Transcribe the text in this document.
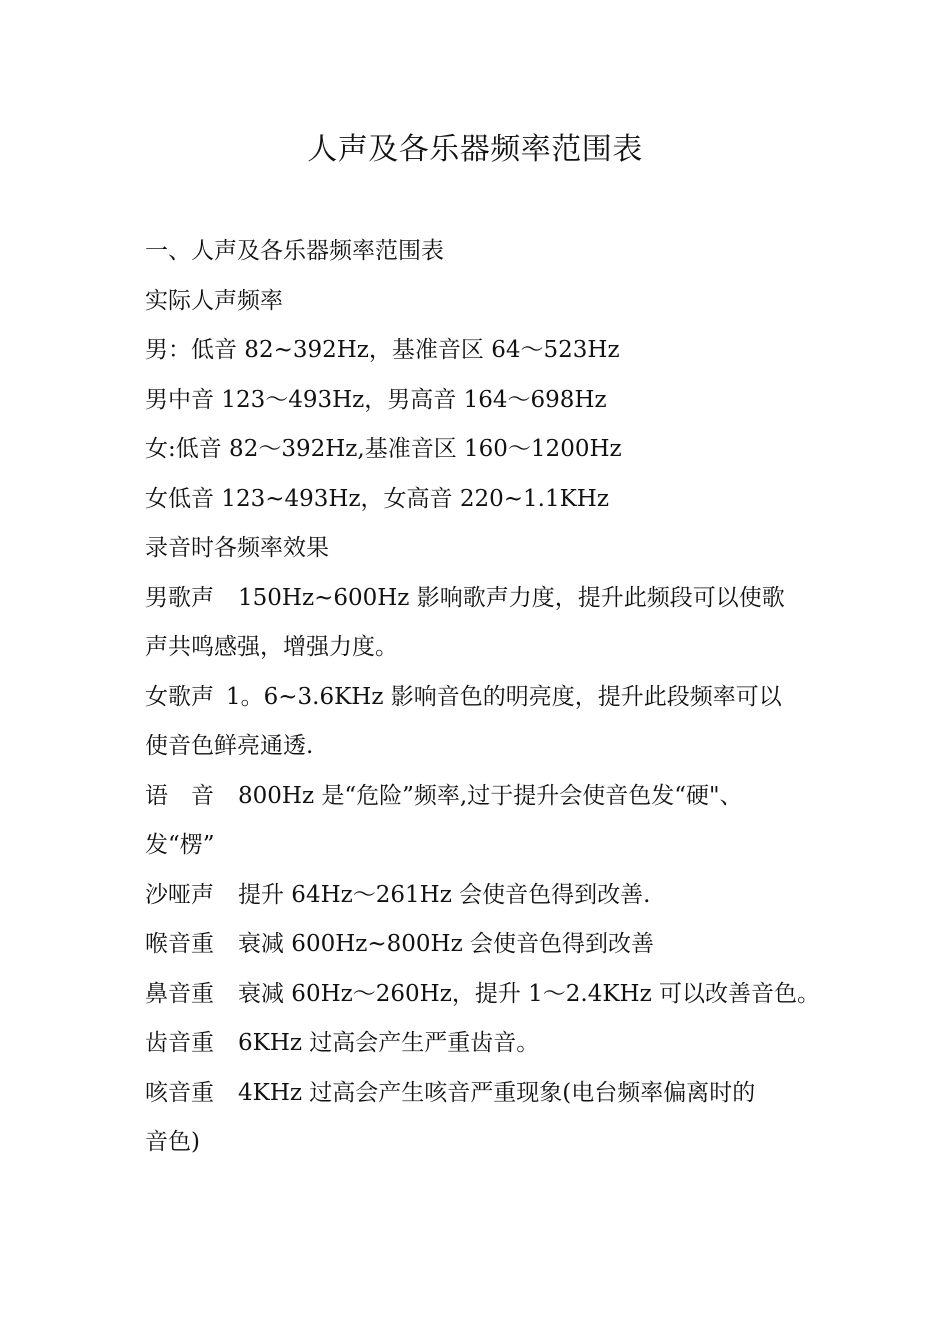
人声及各乐器频率范围表

一、人声及各乐器频率范围表

实际人声频率

男：低音 82~392Hz，基准音区 64～523Hz

男中音 123～493Hz，男高音 164～698Hz

女:低音 82～392Hz,基准音区 160～1200Hz

女低音 123~493Hz，女高音 220~1.1KHz

录音时各频率效果

男歌声 150Hz~600Hz 影响歌声力度，提升此频段可以使歌

声共鸣感强，增强力度。

女歌声 1。6~3.6KHz 影响音色的明亮度，提升此段频率可以

使音色鲜亮通透.

语　音 800Hz 是“危险”频率,过于提升会使音色发“硬"、

发“楞”

沙哑声 提升 64Hz～261Hz 会使音色得到改善.

喉音重 衰减 600Hz~800Hz 会使音色得到改善

鼻音重 衰减 60Hz～260Hz，提升 1～2.4KHz 可以改善音色。

齿音重 6KHz 过高会产生严重齿音。

咳音重 4KHz 过高会产生咳音严重现象(电台频率偏离时的

音色)
